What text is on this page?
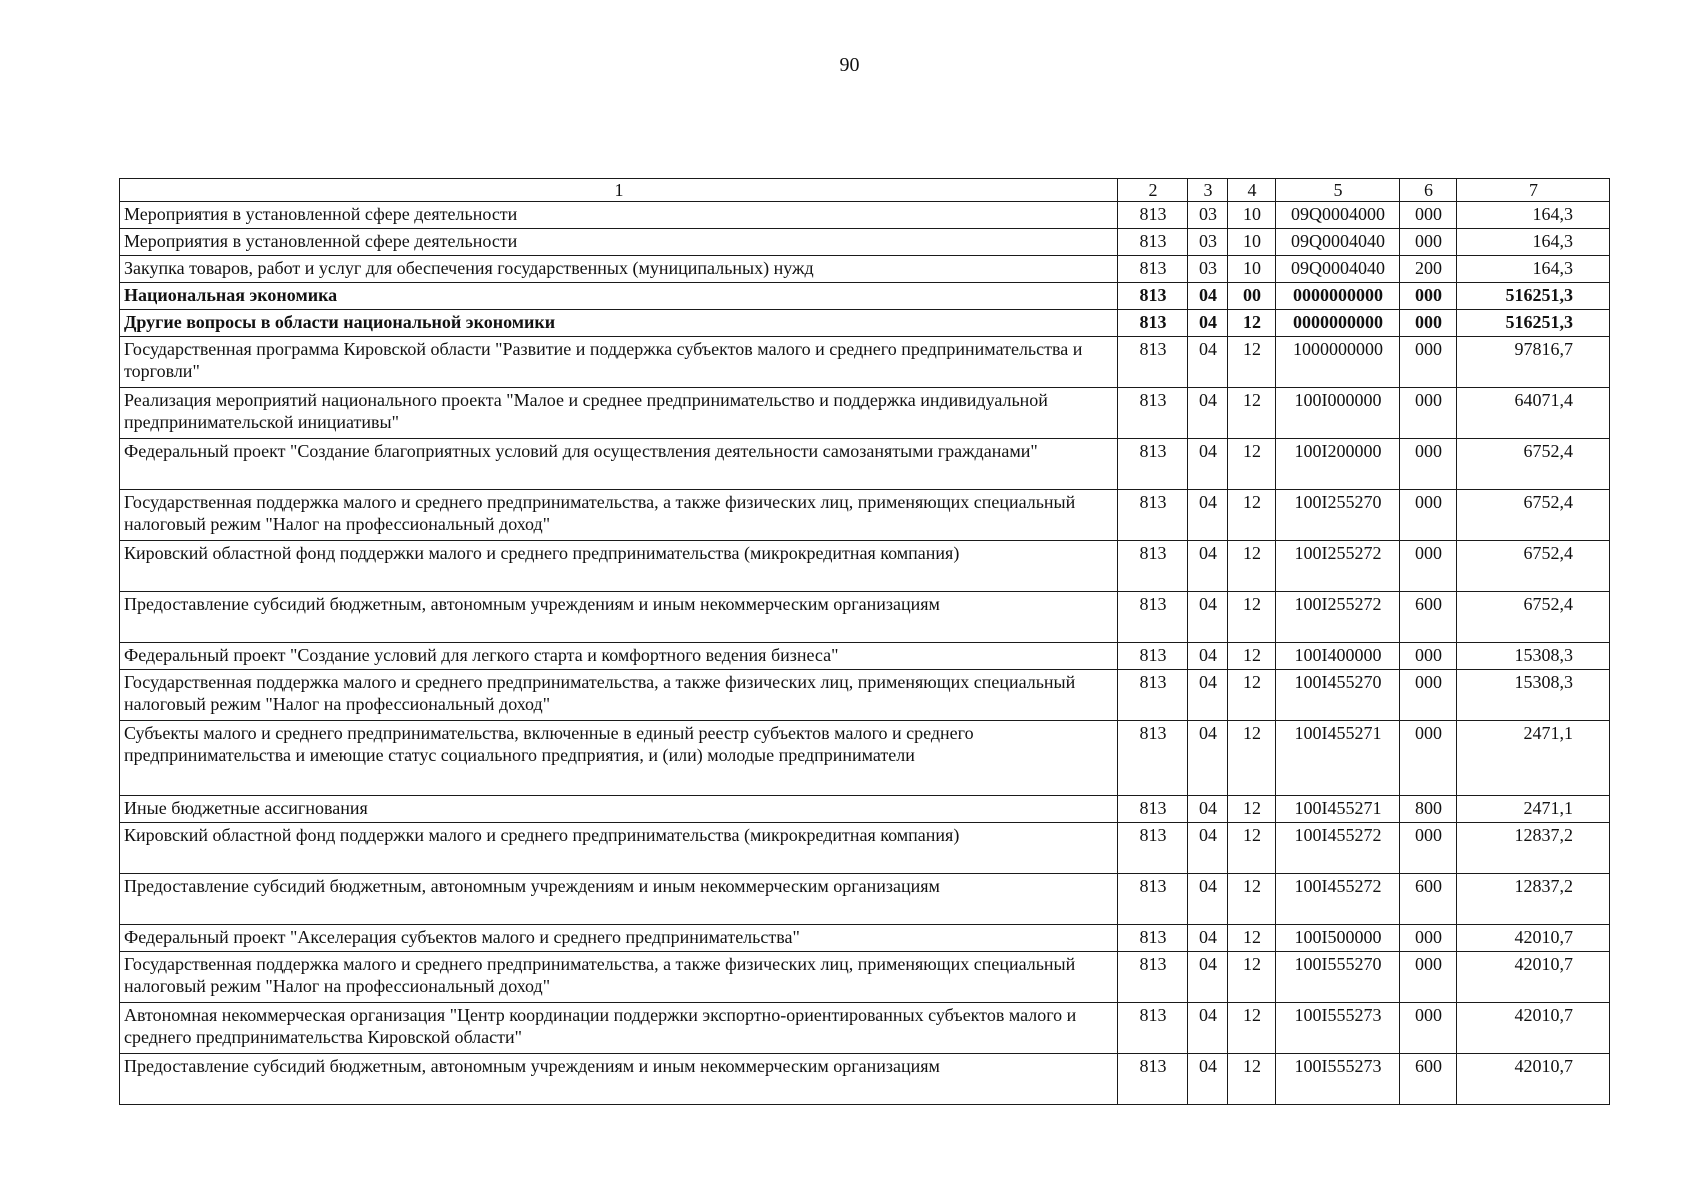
90
1	2	3	4	5	6	7
Мероприятия в установленной сфере деятельности	813	03	10	09Q0004000	000	164,3
Мероприятия в установленной сфере деятельности	813	03	10	09Q0004040	000	164,3
Закупка товаров, работ и услуг для обеспечения государственных (муниципальных) нужд	813	03	10	09Q0004040	200	164,3
Национальная экономика	813	04	00	0000000000	000	516251,3
Другие вопросы в области национальной экономики	813	04	12	0000000000	000	516251,3
Государственная программа Кировской области "Развитие и поддержка субъектов малого и среднего предпринимательства и торговли"	813	04	12	1000000000	000	97816,7
Реализация мероприятий национального проекта "Малое и среднее предпринимательство и поддержка индивидуальной предпринимательской инициативы"	813	04	12	100I000000	000	64071,4
Федеральный проект "Создание благоприятных условий для осуществления деятельности самозанятыми гражданами"	813	04	12	100I200000	000	6752,4
Государственная поддержка малого и среднего предпринимательства, а также физических лиц, применяющих специальный налоговый режим "Налог на профессиональный доход"	813	04	12	100I255270	000	6752,4
Кировский областной фонд поддержки малого и среднего предпринимательства (микрокредитная компания)	813	04	12	100I255272	000	6752,4
Предоставление субсидий бюджетным, автономным учреждениям и иным некоммерческим организациям	813	04	12	100I255272	600	6752,4
Федеральный проект "Создание условий для легкого старта и комфортного ведения бизнеса"	813	04	12	100I400000	000	15308,3
Государственная поддержка малого и среднего предпринимательства, а также физических лиц, применяющих специальный налоговый режим "Налог на профессиональный доход"	813	04	12	100I455270	000	15308,3
Субъекты малого и среднего предпринимательства, включенные в единый реестр субъектов малого и среднего предпринимательства и имеющие статус социального предприятия, и (или) молодые предприниматели	813	04	12	100I455271	000	2471,1
Иные бюджетные ассигнования	813	04	12	100I455271	800	2471,1
Кировский областной фонд поддержки малого и среднего предпринимательства (микрокредитная компания)	813	04	12	100I455272	000	12837,2
Предоставление субсидий бюджетным, автономным учреждениям и иным некоммерческим организациям	813	04	12	100I455272	600	12837,2
Федеральный проект "Акселерация субъектов малого и среднего предпринимательства"	813	04	12	100I500000	000	42010,7
Государственная поддержка малого и среднего предпринимательства, а также физических лиц, применяющих специальный налоговый режим "Налог на профессиональный доход"	813	04	12	100I555270	000	42010,7
Автономная некоммерческая организация "Центр координации поддержки экспортно-ориентированных субъектов малого и среднего предпринимательства Кировской области"	813	04	12	100I555273	000	42010,7
Предоставление субсидий бюджетным, автономным учреждениям и иным некоммерческим организациям	813	04	12	100I555273	600	42010,7
